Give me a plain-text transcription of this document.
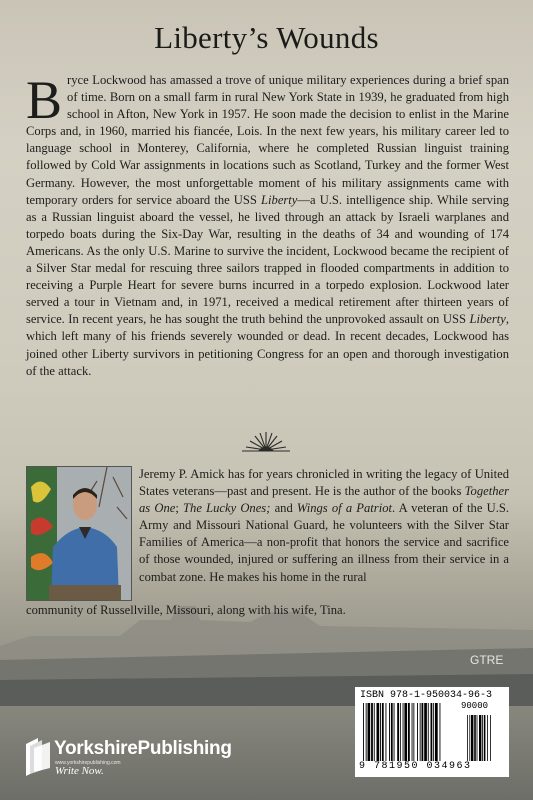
Liberty’s Wounds

Bryce Lockwood has amassed a trove of unique military experiences during a brief span of time. Born on a small farm in rural New York State in 1939, he graduated from high school in Afton, New York in 1957. He soon made the decision to enlist in the Marine Corps and, in 1960, married his fiancée, Lois. In the next few years, his military career led to language school in Monterey, California, where he completed Russian linguist training followed by Cold War assignments in locations such as Scotland, Turkey and the former West Germany. However, the most unforgettable moment of his military assignments came with temporary orders for service aboard the USS Liberty—a U.S. intelligence ship. While serving as a Russian linguist aboard the vessel, he lived through an attack by Israeli warplanes and torpedo boats during the Six-Day War, resulting in the deaths of 34 and wounding of 174 Americans. As the only U.S. Marine to survive the incident, Lockwood became the recipient of a Silver Star medal for rescuing three sailors trapped in flooded compartments in addition to receiving a Purple Heart for severe burns incurred in a torpedo explosion. Lockwood later served a tour in Vietnam and, in 1971, received a medical retirement after thirteen years of service. In recent years, he has sought the truth behind the unprovoked assault on USS Liberty, which left many of his friends severely wounded or dead. In recent decades, Lockwood has joined other Liberty survivors in petitioning Congress for an open and thorough investigation of the attack.

GTRE

Jeremy P. Amick has for years chronicled in writing the legacy of United States veterans—past and present. He is the author of the books Together as One; The Lucky Ones; and Wings of a Patriot. A veteran of the U.S. Army and Missouri National Guard, he volunteers with the Silver Star Families of America—a non-profit that honors the service and sacrifice of those wounded, injured or suffering an illness from their service in a combat zone. He makes his home in the rural

community of Russellville, Missouri, along with his wife, Tina.

YorkshirePublishing
www.yorkshirepublishing.com
Write Now.
ISBN 978-1-950034-96-3
90000
9 781950 034963
